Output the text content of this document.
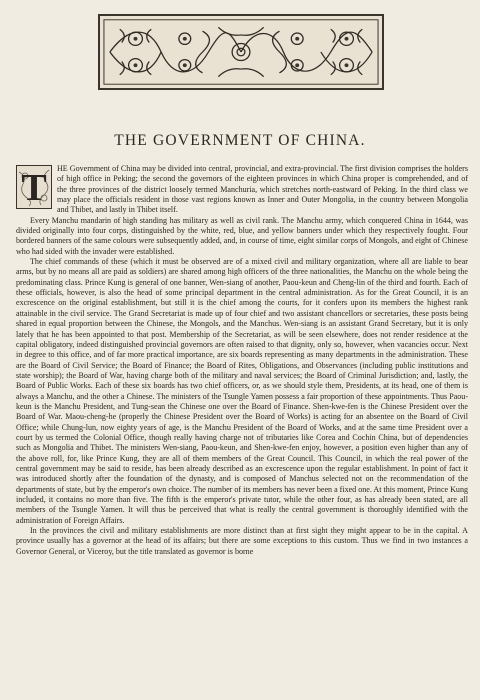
THE GOVERNMENT OF CHINA.

T	HE Government of China may be divided into central, provincial, and extra-provincial. The first division comprises the holders of high office in Peking; the second the governors of the eighteen provinces in which China proper is comprehended, and of the three provinces of the district loosely termed Manchuria, which stretches north-eastward of Peking. In the third class we may place the officials resident in those vast regions known as Inner and Outer Mongolia, in the country between Mongolia and Thibet, and lastly in Thibet itself.

Every Manchu mandarin of high standing has military as well as civil rank. The Manchu army, which conquered China in 1644, was divided originally into four corps, distinguished by the white, red, blue, and yellow banners under which they respectively fought. Four bordered banners of the same colours were subsequently added, and, in course of time, eight similar corps of Mongols, and eight of Chinese who had sided with the invader were established.

The chief commands of these (which it must be observed are of a mixed civil and military organization, where all are liable to bear arms, but by no means all are paid as soldiers) are shared among high officers of the three nationalities, the Manchu on the whole being the predominating class. Prince Kung is general of one banner, Wen-siang of another, Paou-keun and Cheng-lin of the third and fourth. Each of these officials, however, is also the head of some principal department in the central administration. As for the Great Council, it is an excrescence on the original establishment, but still it is the chief among the courts, for it confers upon its members the highest rank attainable in the civil service. The Grand Secretariat is made up of four chief and two assistant chancellors or secretaries, these posts being shared in equal proportion between the Chinese, the Mongols, and the Manchus. Wen-siang is an assistant Grand Secretary, but it is only lately that he has been appointed to that post. Membership of the Secretariat, as will be seen elsewhere, does not render residence at the capital obligatory, indeed distinguished provincial governors are often raised to that dignity, only so, however, when vacancies occur. Next in degree to this office, and of far more practical importance, are six boards representing as many departments in the administration. These are the Board of Civil Service; the Board of Finance; the Board of Rites, Obligations, and Observances (including public institutions and state worship); the Board of War, having charge both of the military and naval services; the Board of Criminal Jurisdiction; and, lastly, the Board of Public Works. Each of these six boards has two chief officers, or, as we should style them, Presidents, at its head, one of them is always a Manchu, and the other a Chinese. The ministers of the Tsungle Yamen possess a fair proportion of these appointments. Thus Paou-keun is the Manchu President, and Tung-sean the Chinese one over the Board of Finance. Shen-kwe-fen is the Chinese President over the Board of War. Maou-cheng-he (properly the Chinese President over the Board of Works) is acting for an absentee on the Board of Civil Office; while Chung-lun, now eighty years of age, is the Manchu President of the Board of Works, and at the same time President over a court by us termed the Colonial Office, though really having charge not of tributaries like Corea and Cochin China, but of dependencies such as Mongolia and Thibet. The ministers Wen-siang, Paou-keun, and Shen-kwe-fen enjoy, however, a position even higher than any of the above roll, for, like Prince Kung, they are all of them members of the Great Council. This Council, in which the real power of the central government may be said to reside, has been already described as an excrescence upon the regular establishment. In point of fact it was introduced shortly after the foundation of the dynasty, and is composed of Manchus selected not on the recommendation of the departments of state, but by the emperor's own choice. The number of its members has never been a fixed one. At this moment, Prince Kung included, it contains no more than five. The fifth is the emperor's private tutor, while the other four, as has already been stated, are all members of the Tsungle Yamen. It will thus be perceived that what is really the central government is thoroughly identified with the administration of Foreign Affairs.

In the provinces the civil and military establishments are more distinct than at first sight they might appear to be in the capital. A province usually has a governor at the head of its affairs; but there are some exceptions to this custom. Thus we find in two instances a Governor General, or Viceroy, but the title translated as governor is borne
